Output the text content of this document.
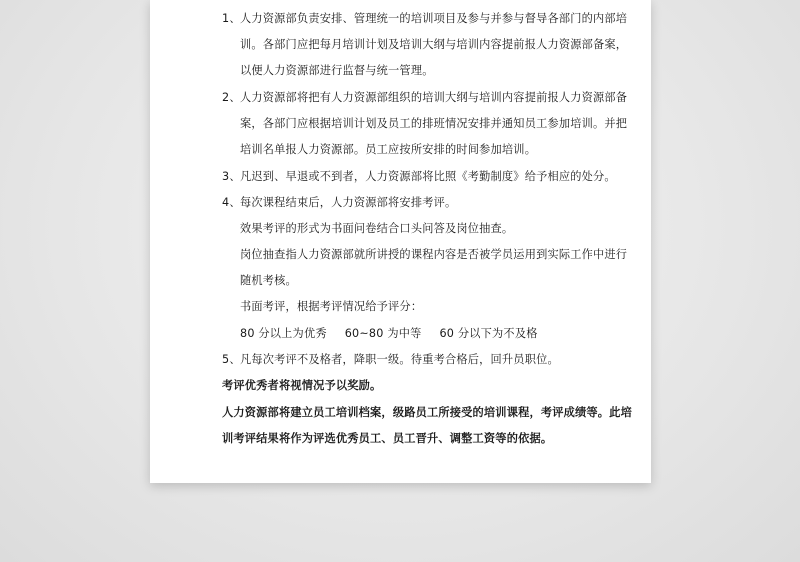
1、 人力资源部负责安排、管理统一的培训项目及参与并参与督导各部门的内部培
训。各部门应把每月培训计划及培训大纲与培训内容提前报人力资源部备案，
以便人力资源部进行监督与统一管理。
2、 人力资源部将把有人力资源部组织的培训大纲与培训内容提前报人力资源部备
案，各部门应根据培训计划及员工的排班情况安排并通知员工参加培训。并把
培训名单报人力资源部。员工应按所安排的时间参加培训。
3、 凡迟到、早退或不到者，人力资源部将比照《考勤制度》给予相应的处分。
4、 每次课程结束后，人力资源部将安排考评。
效果考评的形式为书面问卷结合口头问答及岗位抽查。
岗位抽查指人力资源部就所讲授的课程内容是否被学员运用到实际工作中进行
随机考核。
书面考评，根据考评情况给予评分：
80 分以上为优秀 60~80 为中等 60 分以下为不及格
5、 凡每次考评不及格者，降职一级。待重考合格后，回升员职位。
考评优秀者将视情况予以奖励。
人力资源部将建立员工培训档案，级路员工所接受的培训课程，考评成绩等。此培
训考评结果将作为评选优秀员工、员工晋升、调整工资等的依据。
